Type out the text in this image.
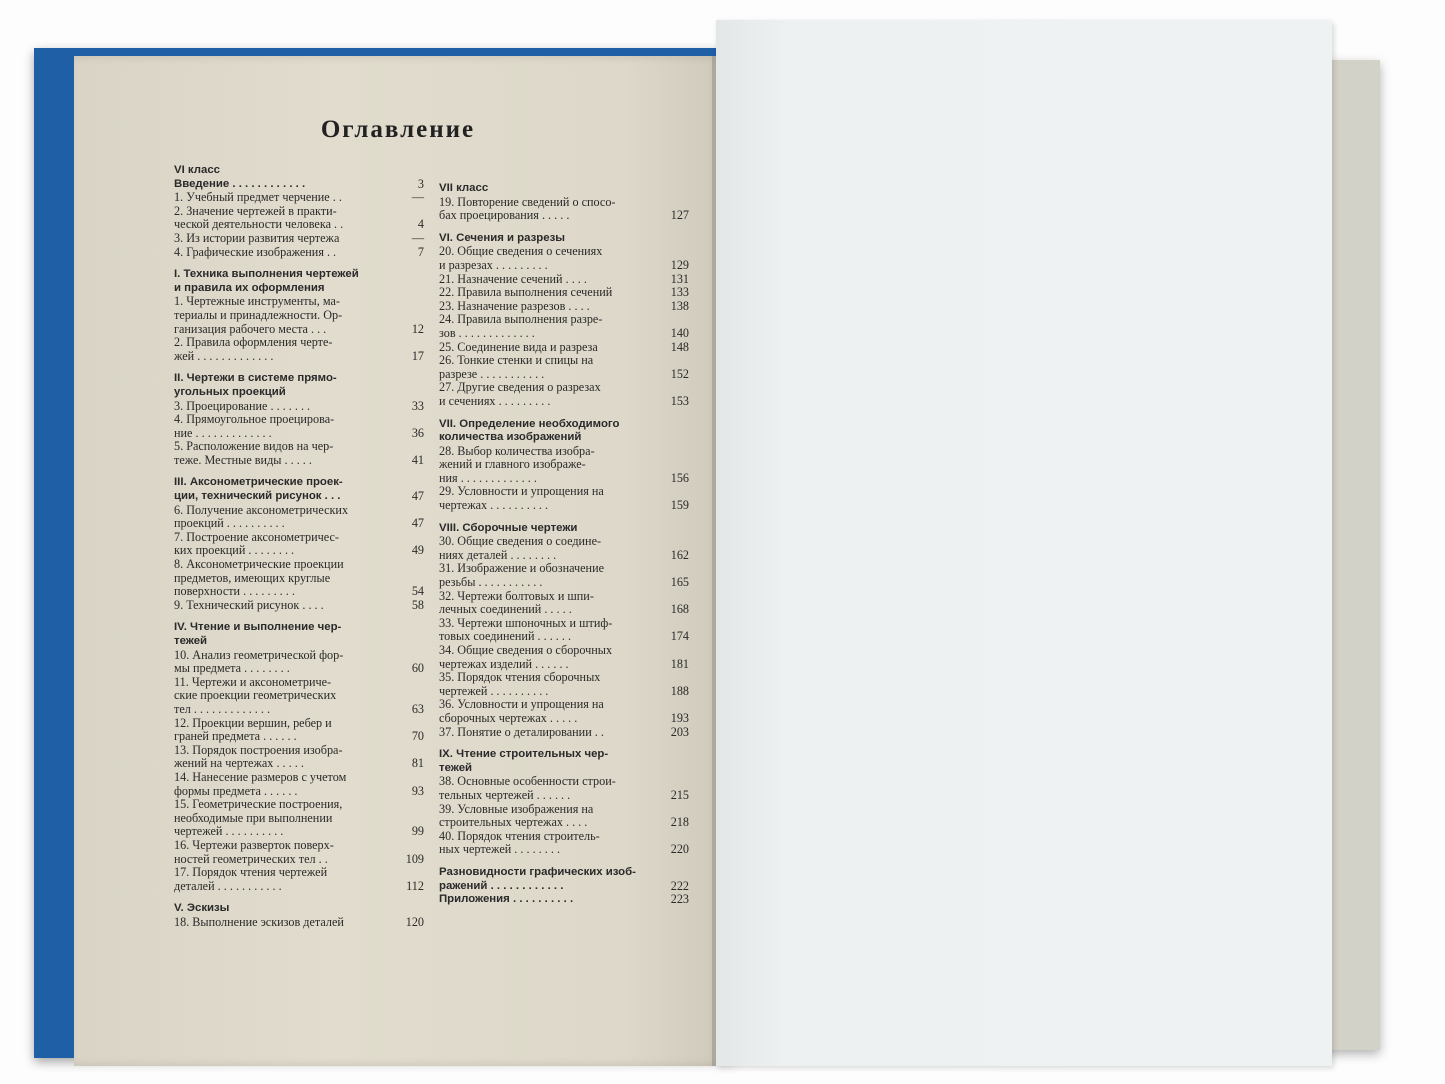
Оглавление
VI класс
Введение . . . . . . . . . . . .	3
1. Учебный предмет черчение . .	—
2. Значение чертежей в практи-
ческой деятельности человека . .	4
3. Из истории развития чертежа	—
4. Графические изображения . .	7
I. Техника выполнения чертежей
и правила их оформления
1. Чертежные инструменты, ма-
териалы и принадлежности. Ор-
ганизация рабочего места . . .	12
2. Правила оформления черте-
жей . . . . . . . . . . . . .	17
II. Чертежи в системе прямо-
угольных проекций
3. Проецирование . . . . . . .	33
4. Прямоугольное проецирова-
ние . . . . . . . . . . . . .	36
5. Расположение видов на чер-
теже. Местные виды . . . . .	41
III. Аксонометрические проек-
ции, технический рисунок . . .	47
6. Получение аксонометрических
проекций . . . . . . . . . .	47
7. Построение аксонометричес-
ких проекций . . . . . . . .	49
8. Аксонометрические проекции
предметов, имеющих круглые
поверхности . . . . . . . . .	54
9. Технический рисунок . . . .	58
IV. Чтение и выполнение чер-
тежей
10. Анализ геометрической фор-
мы предмета . . . . . . . .	60
11. Чертежи и аксонометриче-
ские проекции геометрических
тел . . . . . . . . . . . . .	63
12. Проекции вершин, ребер и
граней предмета . . . . . .	70
13. Порядок построения изобра-
жений на чертежах . . . . .	81
14. Нанесение размеров с учетом
формы предмета . . . . . .	93
15. Геометрические построения,
необходимые при выполнении
чертежей . . . . . . . . . .	99
16. Чертежи разверток поверх-
ностей геометрических тел . .	109
17. Порядок чтения чертежей
деталей . . . . . . . . . . .	112
V. Эскизы
18. Выполнение эскизов деталей	120
VII класс
19. Повторение сведений о спосо-
бах проецирования . . . . .	127
VI. Сечения и разрезы
20. Общие сведения о сечениях
и разрезах . . . . . . . . .	129
21. Назначение сечений . . . .	131
22. Правила выполнения сечений	133
23. Назначение разрезов . . . .	138
24. Правила выполнения разре-
зов . . . . . . . . . . . . .	140
25. Соединение вида и разреза	148
26. Тонкие стенки и спицы на
разрезе . . . . . . . . . . .	152
27. Другие сведения о разрезах
и сечениях . . . . . . . . .	153
VII. Определение необходимого
количества изображений
28. Выбор количества изобра-
жений и главного изображе-
ния . . . . . . . . . . . . .	156
29. Условности и упрощения на
чертежах . . . . . . . . . .	159
VIII. Сборочные чертежи
30. Общие сведения о соедине-
ниях деталей . . . . . . . .	162
31. Изображение и обозначение
резьбы . . . . . . . . . . .	165
32. Чертежи болтовых и шпи-
лечных соединений . . . . .	168
33. Чертежи шпоночных и штиф-
товых соединений . . . . . .	174
34. Общие сведения о сборочных
чертежах изделий . . . . . .	181
35. Порядок чтения сборочных
чертежей . . . . . . . . . .	188
36. Условности и упрощения на
сборочных чертежах . . . . .	193
37. Понятие о деталировании . .	203
IX. Чтение строительных чер-
тежей
38. Основные особенности строи-
тельных чертежей . . . . . .	215
39. Условные изображения на
строительных чертежах . . . .	218
40. Порядок чтения строитель-
ных чертежей . . . . . . . .	220
Разновидности графических изоб-
ражений . . . . . . . . . . . .	222
Приложения . . . . . . . . . .	223
